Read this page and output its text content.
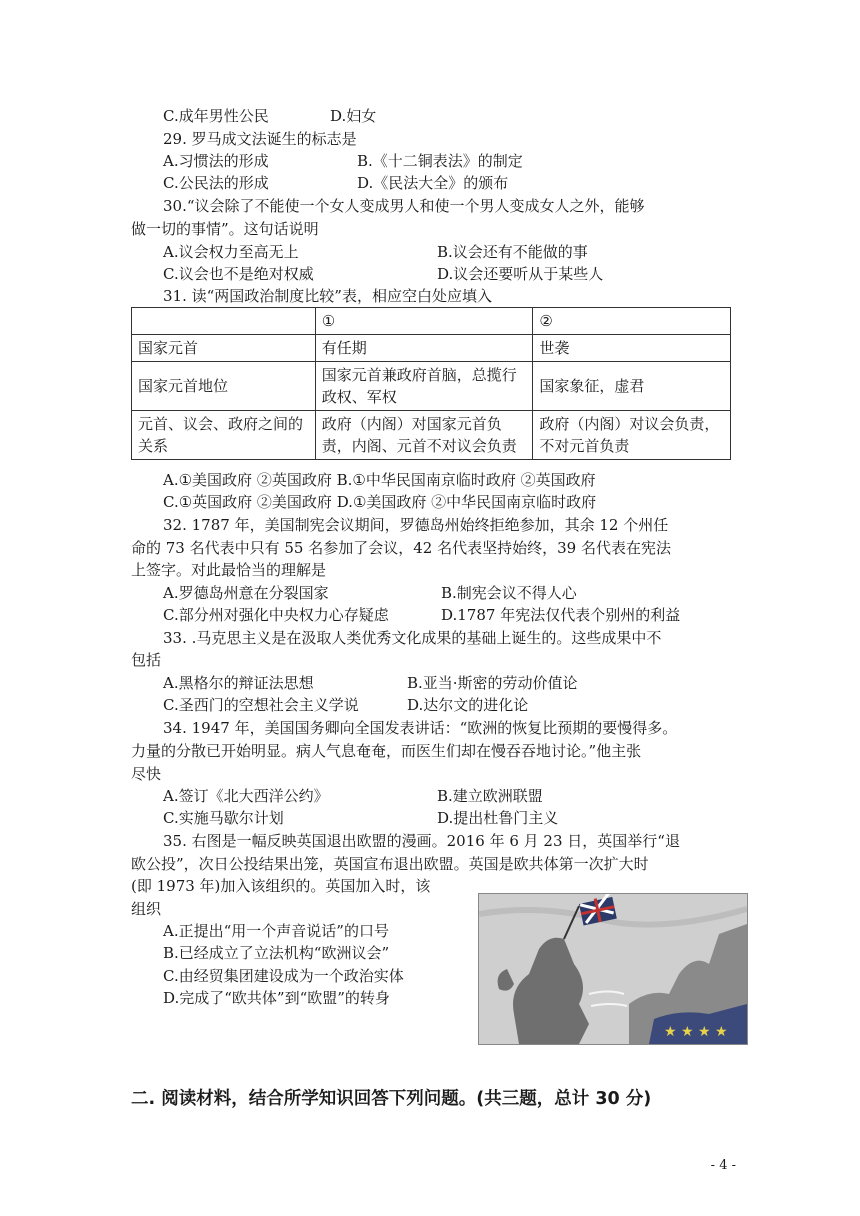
C.成年男性公民	D.妇女
29. 罗马成文法诞生的标志是
A.习惯法的形成	B.《十二铜表法》的制定
C.公民法的形成	D.《民法大全》的颁布
30.“议会除了不能使一个女人变成男人和使一个男人变成女人之外，能够
做一切的事情”。这句话说明
A.议会权力至高无上	B.议会还有不能做的事
C.议会也不是绝对权威	D.议会还要听从于某些人
31. 读“两国政治制度比较”表，相应空白处应填入
	①	②
国家元首	有任期	世袭
国家元首地位	国家元首兼政府首脑，总揽行政权、军权	国家象征，虚君
元首、议会、政府之间的关系	政府（内阁）对国家元首负责，内阁、元首不对议会负责	政府（内阁）对议会负责，不对元首负责
A.①美国政府 ②英国政府 B.①中华民国南京临时政府 ②英国政府
C.①英国政府 ②美国政府 D.①美国政府 ②中华民国南京临时政府
32. 1787 年，美国制宪会议期间，罗德岛州始终拒绝参加，其余 12 个州任
命的 73 名代表中只有 55 名参加了会议，42 名代表坚持始终，39 名代表在宪法
上签字。对此最恰当的理解是
A.罗德岛州意在分裂国家	B.制宪会议不得人心
C.部分州对强化中央权力心存疑虑	D.1787 年宪法仅代表个别州的利益
33. .马克思主义是在汲取人类优秀文化成果的基础上诞生的。这些成果中不
包括
A.黑格尔的辩证法思想	B.亚当·斯密的劳动价值论
C.圣西门的空想社会主义学说	D.达尔文的进化论
34. 1947 年，美国国务卿向全国发表讲话：“欧洲的恢复比预期的要慢得多。
力量的分散已开始明显。病人气息奄奄，而医生们却在慢吞吞地讨论。”他主张
尽快
A.签订《北大西洋公约》	B.建立欧洲联盟
C.实施马歇尔计划	D.提出杜鲁门主义
35. 右图是一幅反映英国退出欧盟的漫画。2016 年 6 月 23 日，英国举行“退
欧公投”，次日公投结果出笼，英国宣布退出欧盟。英国是欧共体第一次扩大时
(即 1973 年)加入该组织的。英国加入时，该
组织
A.正提出“用一个声音说话”的口号
B.已经成立了立法机构“欧洲议会”
C.由经贸集团建设成为一个政治实体
D.完成了“欧共体”到“欧盟”的转身
★ ★ ★ ★
二. 阅读材料，结合所学知识回答下列问题。(共三题，总计 30 分)
- 4 -
